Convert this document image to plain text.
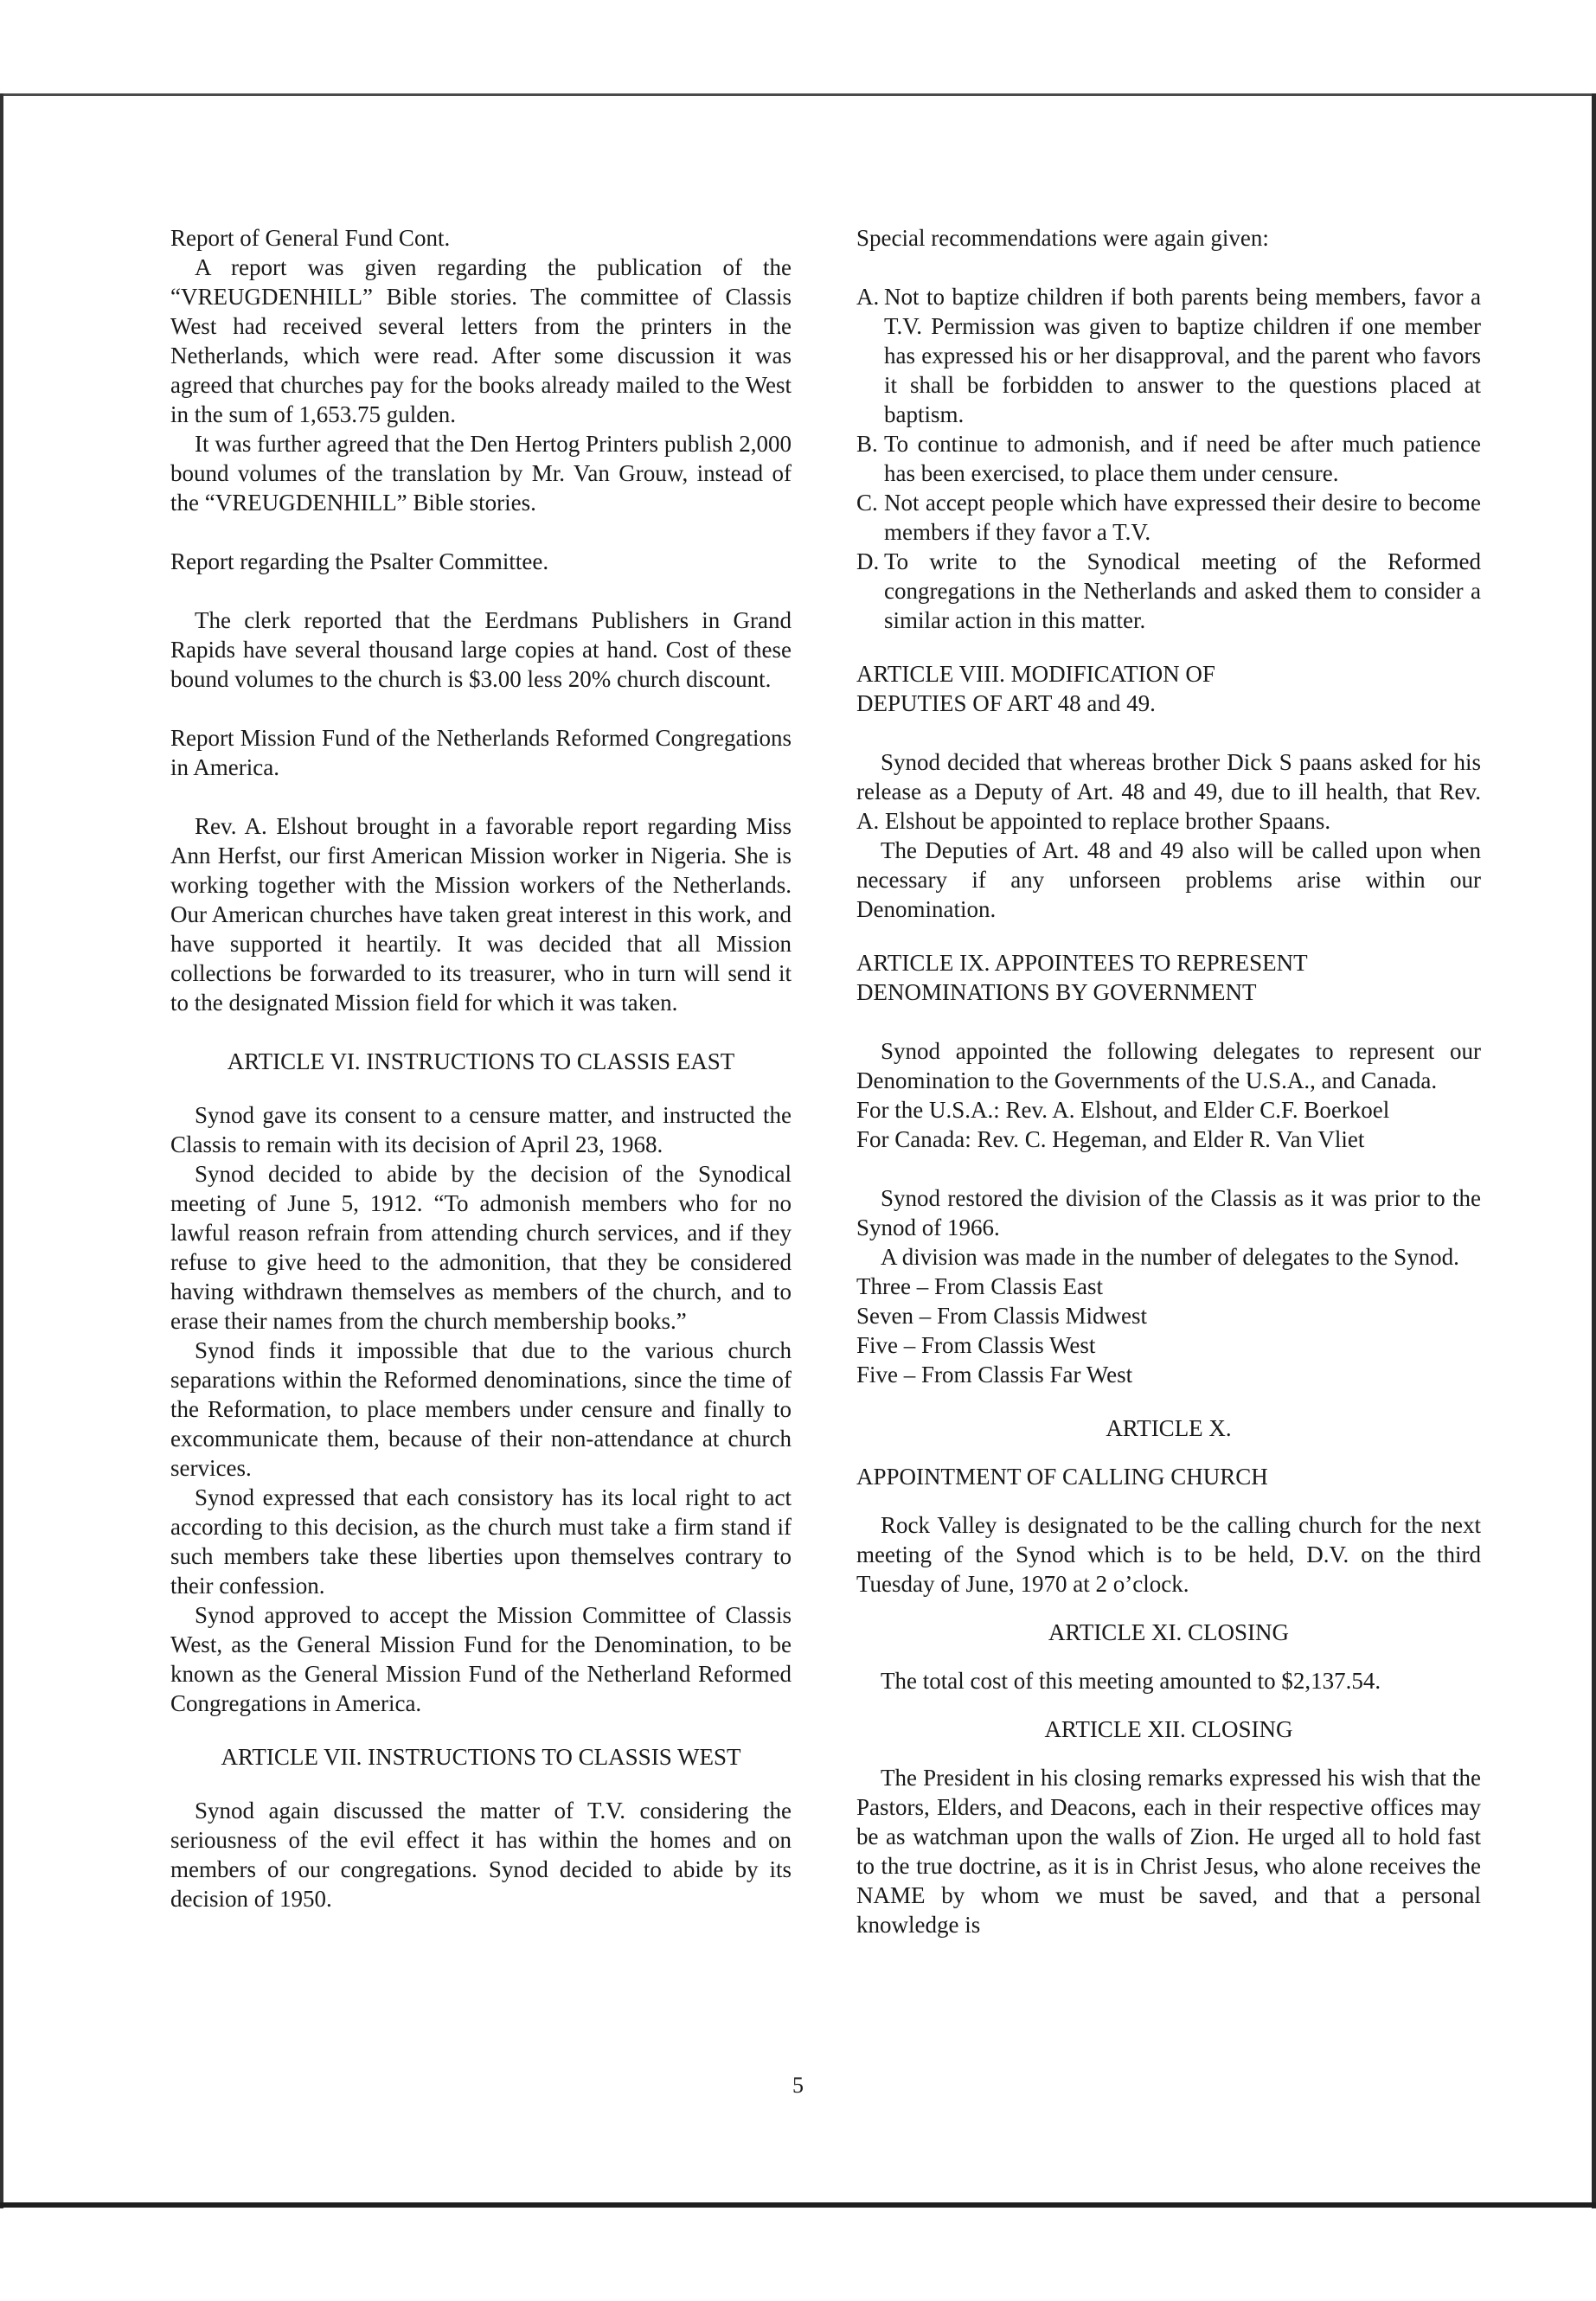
Report of General Fund Cont.

A report was given regarding the publication of the “VREUGDENHILL” Bible stories. The committee of Classis West had received several letters from the printers in the Netherlands, which were read. After some discussion it was agreed that churches pay for the books already mailed to the West in the sum of 1,653.75 gulden.

It was further agreed that the Den Hertog Printers publish 2,000 bound volumes of the translation by Mr. Van Grouw, instead of the “VREUGDENHILL” Bible stories.

Report regarding the Psalter Committee.

The clerk reported that the Eerdmans Publishers in Grand Rapids have several thousand large copies at hand. Cost of these bound volumes to the church is $3.00 less 20% church discount.

Report Mission Fund of the Netherlands Reformed Congregations in America.

Rev. A. Elshout brought in a favorable report regarding Miss Ann Herfst, our first American Mission worker in Nigeria. She is working together with the Mission workers of the Netherlands. Our American churches have taken great interest in this work, and have supported it heartily. It was decided that all Mission collections be forwarded to its treasurer, who in turn will send it to the designated Mission field for which it was taken.

ARTICLE VI. INSTRUCTIONS TO CLASSIS EAST

Synod gave its consent to a censure matter, and instructed the Classis to remain with its decision of April 23, 1968.

Synod decided to abide by the decision of the Synodical meeting of June 5, 1912. “To admonish members who for no lawful reason refrain from attending church services, and if they refuse to give heed to the admonition, that they be considered having withdrawn themselves as members of the church, and to erase their names from the church membership books.”

Synod finds it impossible that due to the various church separations within the Reformed denominations, since the time of the Reformation, to place members under censure and finally to excommunicate them, because of their non-attendance at church services.

Synod expressed that each consistory has its local right to act according to this decision, as the church must take a firm stand if such members take these liberties upon themselves contrary to their confession.

Synod approved to accept the Mission Committee of Classis West, as the General Mission Fund for the Denomination, to be known as the General Mission Fund of the Netherland Reformed Congregations in America.

ARTICLE VII. INSTRUCTIONS TO CLASSIS WEST

Synod again discussed the matter of T.V. considering the seriousness of the evil effect it has within the homes and on members of our congregations. Synod decided to abide by its decision of 1950.

Special recommendations were again given:

A. Not to baptize children if both parents being members, favor a T.V. Permission was given to baptize children if one member has expressed his or her disapproval, and the parent who favors it shall be forbidden to answer to the questions placed at baptism.
B. To continue to admonish, and if need be after much patience has been exercised, to place them under censure.
C. Not accept people which have expressed their desire to become members if they favor a T.V.
D. To write to the Synodical meeting of the Reformed congregations in the Netherlands and asked them to consider a similar action in this matter.
ARTICLE VIII. MODIFICATION OF
DEPUTIES OF ART 48 and 49.

Synod decided that whereas brother Dick S paans asked for his release as a Deputy of Art. 48 and 49, due to ill health, that Rev. A. Elshout be appointed to replace brother Spaans.

The Deputies of Art. 48 and 49 also will be called upon when necessary if any unforseen problems arise within our Denomination.

ARTICLE IX. APPOINTEES TO REPRESENT
DENOMINATIONS BY GOVERNMENT

Synod appointed the following delegates to represent our Denomination to the Governments of the U.S.A., and Canada.

For the U.S.A.: Rev. A. Elshout, and Elder C.F. Boerkoel

For Canada: Rev. C. Hegeman, and Elder R. Van Vliet

Synod restored the division of the Classis as it was prior to the Synod of 1966.

A division was made in the number of delegates to the Synod.

Three – From Classis East

Seven – From Classis Midwest

Five – From Classis West

Five – From Classis Far West

ARTICLE X.
APPOINTMENT OF CALLING CHURCH

Rock Valley is designated to be the calling church for the next meeting of the Synod which is to be held, D.V. on the third Tuesday of June, 1970 at 2 o’clock.

ARTICLE XI. CLOSING

The total cost of this meeting amounted to $2,137.54.

ARTICLE XII. CLOSING

The President in his closing remarks expressed his wish that the Pastors, Elders, and Deacons, each in their respective offices may be as watchman upon the walls of Zion. He urged all to hold fast to the true doctrine, as it is in Christ Jesus, who alone receives the NAME by whom we must be saved, and that a personal knowledge is

5
